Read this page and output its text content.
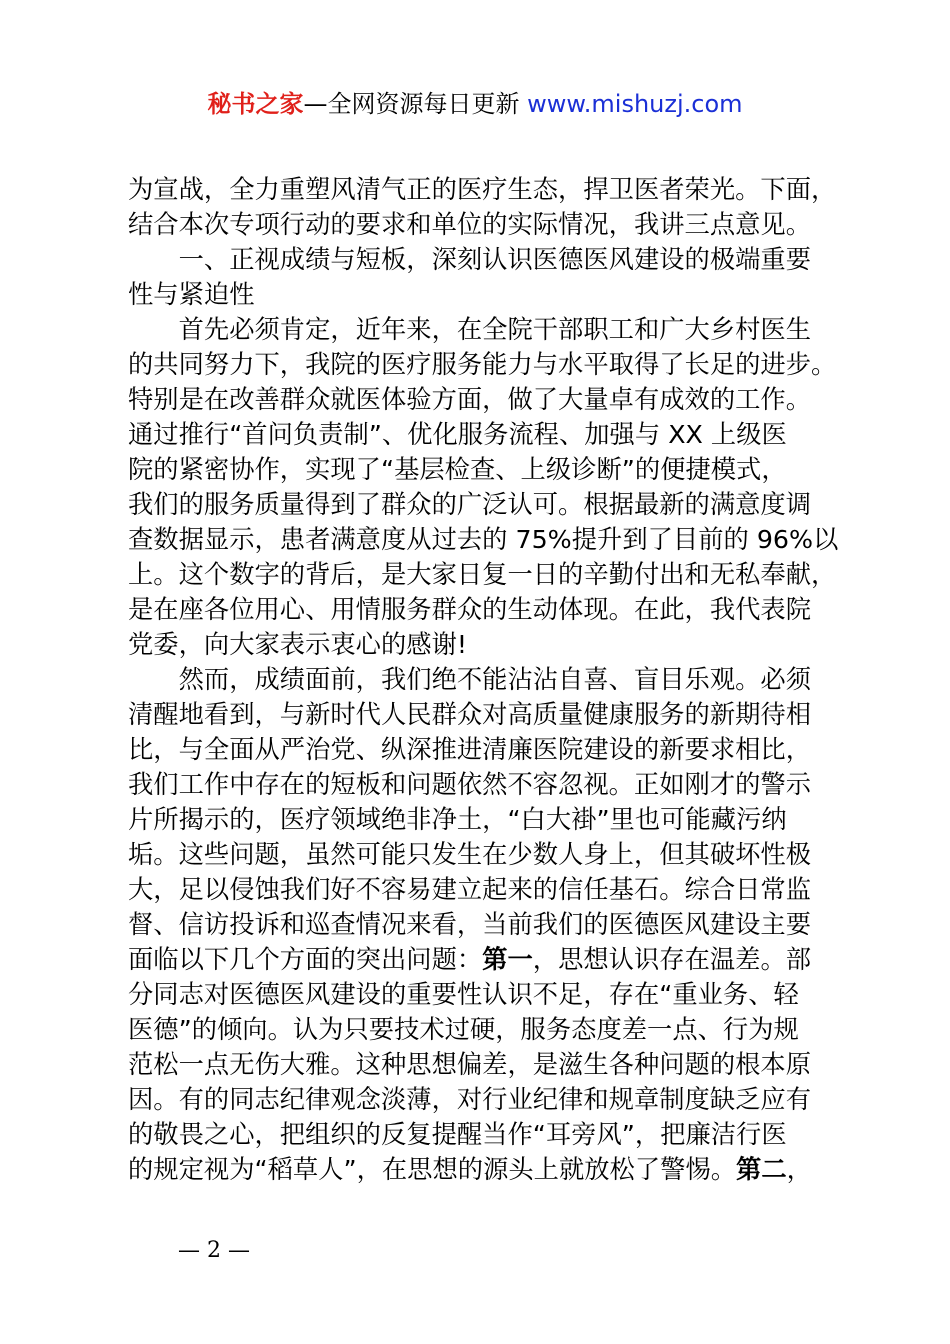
秘书之家—全网资源每日更新 www.mishuzj.com
为宣战，全力重塑风清气正的医疗生态，捍卫医者荣光。下面，
结合本次专项行动的要求和单位的实际情况，我讲三点意见。
　　一、正视成绩与短板，深刻认识医德医风建设的极端重要
性与紧迫性
　　首先必须肯定，近年来，在全院干部职工和广大乡村医生
的共同努力下，我院的医疗服务能力与水平取得了长足的进步。
特别是在改善群众就医体验方面，做了大量卓有成效的工作。
通过推行“首问负责制”、优化服务流程、加强与 XX 上级医
院的紧密协作，实现了“基层检查、上级诊断”的便捷模式，
我们的服务质量得到了群众的广泛认可。根据最新的满意度调
查数据显示，患者满意度从过去的 75%提升到了目前的 96%以
上。这个数字的背后，是大家日复一日的辛勤付出和无私奉献，
是在座各位用心、用情服务群众的生动体现。在此，我代表院
党委，向大家表示衷心的感谢!
　　然而，成绩面前，我们绝不能沾沾自喜、盲目乐观。必须
清醒地看到，与新时代人民群众对高质量健康服务的新期待相
比，与全面从严治党、纵深推进清廉医院建设的新要求相比，
我们工作中存在的短板和问题依然不容忽视。正如刚才的警示
片所揭示的，医疗领域绝非净土，“白大褂”里也可能藏污纳
垢。这些问题，虽然可能只发生在少数人身上，但其破坏性极
大，足以侵蚀我们好不容易建立起来的信任基石。综合日常监
督、信访投诉和巡查情况来看，当前我们的医德医风建设主要
面临以下几个方面的突出问题：第一，思想认识存在温差。部
分同志对医德医风建设的重要性认识不足，存在“重业务、轻
医德”的倾向。认为只要技术过硬，服务态度差一点、行为规
范松一点无伤大雅。这种思想偏差，是滋生各种问题的根本原
因。有的同志纪律观念淡薄，对行业纪律和规章制度缺乏应有
的敬畏之心，把组织的反复提醒当作“耳旁风”，把廉洁行医
的规定视为“稻草人”，在思想的源头上就放松了警惕。第二，
— 2 —
